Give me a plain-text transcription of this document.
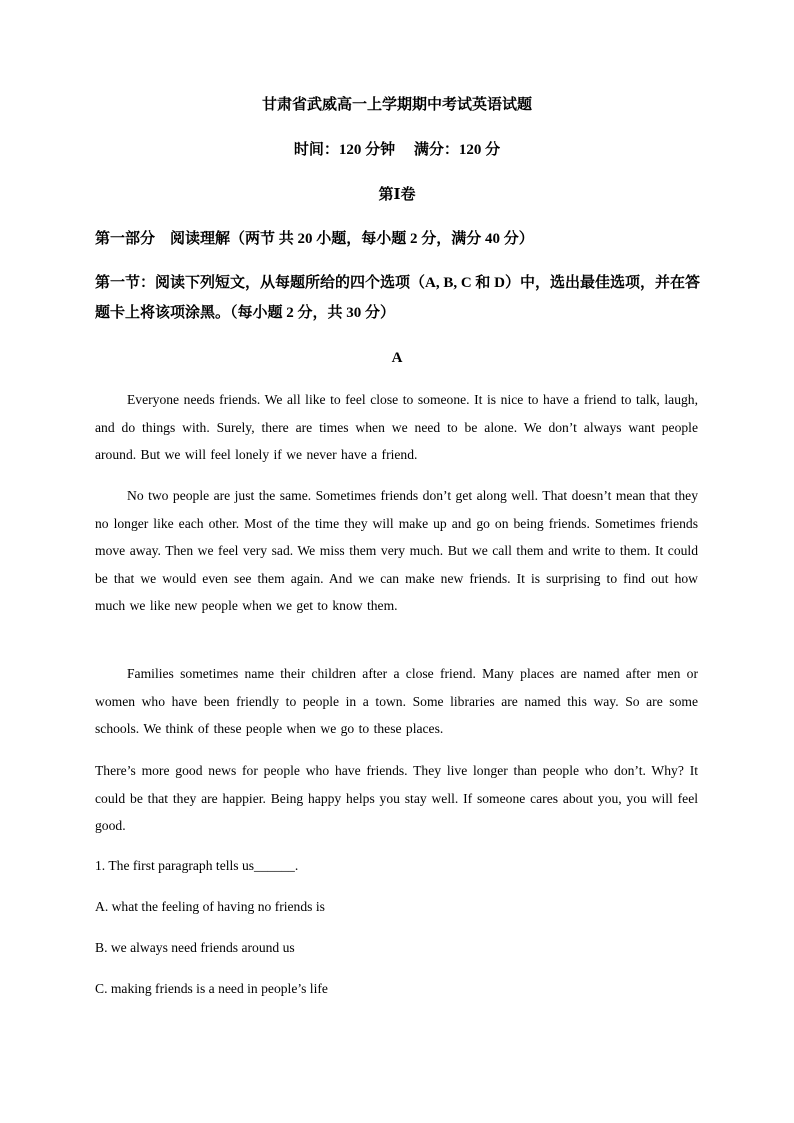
甘肃省武威高一上学期期中考试英语试题
时间：120 分钟　 满分：120 分
第Ⅰ卷
第一部分　阅读理解（两节 共 20 小题，每小题 2 分，满分 40 分）
第一节：阅读下列短文，从每题所给的四个选项（A, B, C 和 D）中，选出最佳选项，并在答题卡上将该项涂黑。（每小题 2 分，共 30 分）
A
Everyone needs friends. We all like to feel close to someone. It is nice to have a friend to talk, laugh, and do things with. Surely, there are times when we need to be alone. We don’t always want people around. But we will feel lonely if we never have a friend.
No two people are just the same. Sometimes friends don’t get along well. That doesn’t mean that they no longer like each other. Most of the time they will make up and go on being friends. Sometimes friends move away. Then we feel very sad. We miss them very much. But we call them and write to them. It could be that we would even see them again. And we can make new friends. It is surprising to find out how much we like new people when we get to know them.
Families sometimes name their children after a close friend. Many places are named after men or women who have been friendly to people in a town. Some libraries are named this way. So are some schools. We think of these people when we go to these places.
There’s more good news for people who have friends. They live longer than people who don’t. Why? It could be that they are happier. Being happy helps you stay well. If someone cares about you, you will feel good.
1. The first paragraph tells us______.
A. what the feeling of having no friends is
B. we always need friends around us
C. making friends is a need in people’s life
